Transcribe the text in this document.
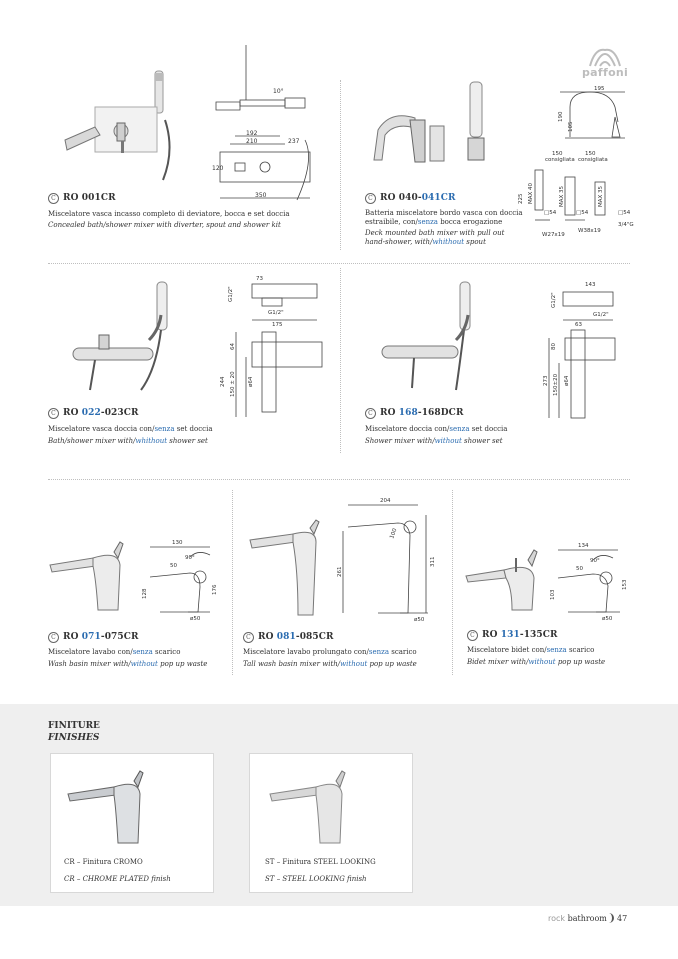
paffoni
10°
192
210	237
120
350
C RO 001CR
Miscelatore vasca incasso completo di deviatore, bocca e set doccia
Concealed bath/shower mixer with diverter, spout and shower kit
195
190
105
150
consigliata
150
consigliata
225 MAX 40	MAX 35	MAX 35
□54	□54	□54
W27x19
W38x19
3/4"G
C RO 040-041CR
Batteria miscelatore bordo vasca con doccia
estraibile, con/senza bocca erogazione
Deck mounted bath mixer with pull out
hand-shower, with/whithout spout
73
G1/2"
G1/2"
175
64
244 150 ± 20 ø64
C RO 022-023CR
Miscelatore vasca doccia con/senza set doccia
Bath/shower mixer with/whithout shower set
143
G1/2"
G1/2"
63
80
273 150±20 ø64
C RO 168-168DCR
Miscelatore doccia con/senza set doccia
Shower mixer with/without shower set
130
90°
50
128	176
ø50
C RO 071-075CR
Miscelatore lavabo con/senza scarico
Wash basin mixer with/without pop up waste
204
100
261
311
ø50
C RO 081-085CR
Miscelatore lavabo prolungato con/senza scarico
Tall wash basin mixer with/without pop up waste
134
90°
50
103
153
ø50
C RO 131-135CR
Miscelatore bidet con/senza scarico
Bidet mixer with/without pop up waste
FINITURE
FINISHES
CR – Finitura CROMO
CR – CHROME PLATED finish
ST – Finitura STEEL LOOKING
ST – STEEL LOOKING finish
rock bathroom 47
